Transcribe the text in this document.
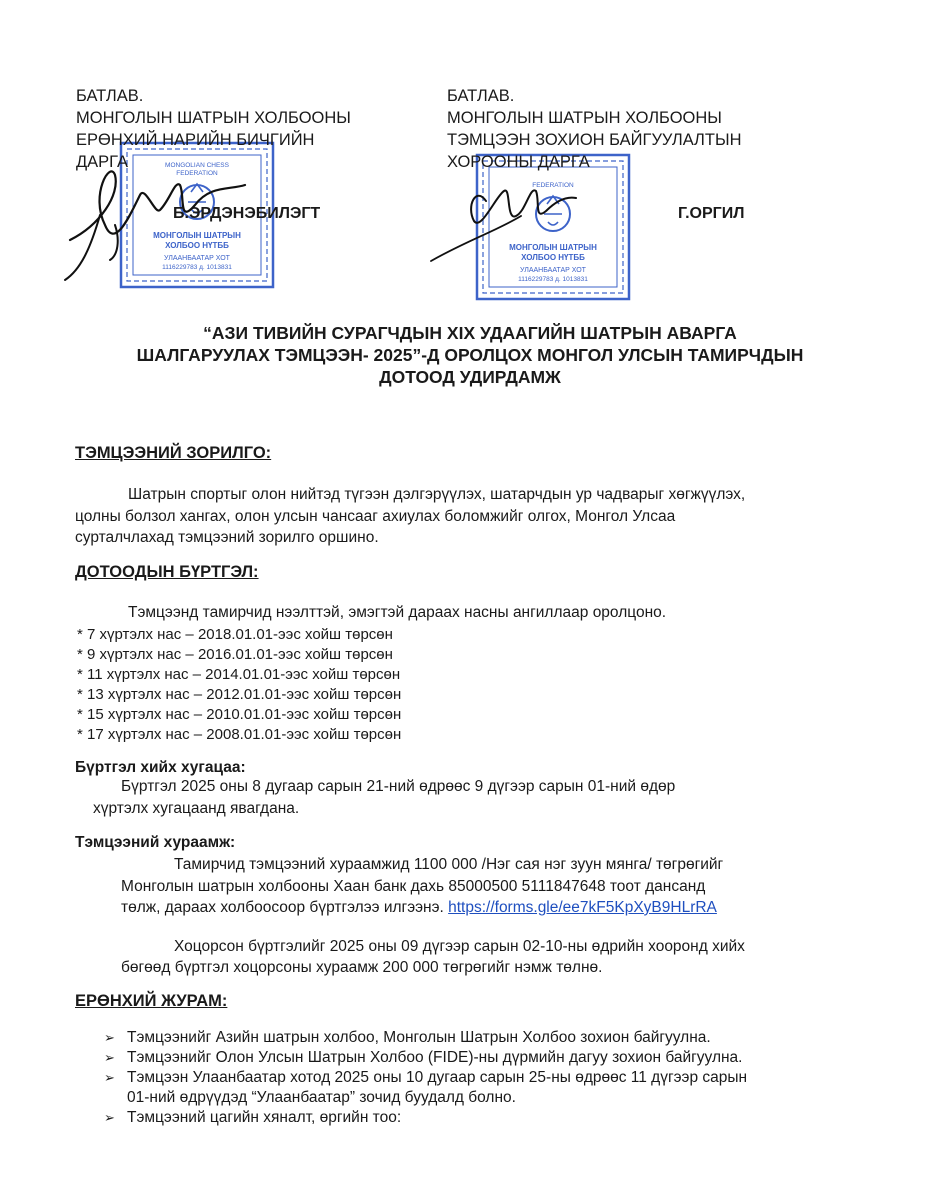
MONGOLIAN CHESS
FEDERATION
МОНГОЛЫН ШАТРЫН
ХОЛБОО НҮТББ
УЛААНБААТАР ХОТ
1116229783 д. 1013831
FEDERATION
МОНГОЛЫН ШАТРЫН
ХОЛБОО НҮТББ
УЛААНБААТАР ХОТ
1116229783 д. 1013831
БАТЛАВ.
МОНГОЛЫН ШАТРЫН ХОЛБООНЫ
ЕРӨНХИЙ НАРИЙН БИЧГИЙН
ДАРГА
Б.ЭРДЭНЭБИЛЭГТ
БАТЛАВ.
МОНГОЛЫН ШАТРЫН ХОЛБООНЫ
ТЭМЦЭЭН ЗОХИОН БАЙГУУЛАЛТЫН
ХОРООНЫ ДАРГА
Г.ОРГИЛ
“АЗИ ТИВИЙН СУРАГЧДЫН XIX УДААГИЙН ШАТРЫН АВАРГА
ШАЛГАРУУЛАХ ТЭМЦЭЭН- 2025”-Д ОРОЛЦОХ МОНГОЛ УЛСЫН ТАМИРЧДЫН
ДОТООД УДИРДАМЖ
ТЭМЦЭЭНИЙ ЗОРИЛГО:
Шатрын спортыг олон нийтэд түгээн дэлгэрүүлэх, шатарчдын ур чадварыг хөгжүүлэх,
цолны болзол хангах, олон улсын чансааг ахиулах боломжийг олгох, Монгол Улсаа
сурталчлахад тэмцээний зорилго оршино.
ДОТООДЫН БҮРТГЭЛ:
Тэмцээнд тамирчид нээлттэй, эмэгтэй дараах насны ангиллаар оролцоно.
* 7 хүртэлх нас – 2018.01.01-ээс хойш төрсөн
* 9 хүртэлх нас – 2016.01.01-ээс хойш төрсөн
* 11 хүртэлх нас – 2014.01.01-ээс хойш төрсөн
* 13 хүртэлх нас – 2012.01.01-ээс хойш төрсөн
* 15 хүртэлх нас – 2010.01.01-ээс хойш төрсөн
* 17 хүртэлх нас – 2008.01.01-ээс хойш төрсөн
Бүртгэл хийх хугацаа:
Бүртгэл 2025 оны 8 дугаар сарын 21-ний өдрөөс 9 дүгээр сарын 01-ний өдөр
хүртэлх хугацаанд явагдана.
Тэмцээний хураамж:
Тамирчид тэмцээний хураамжид 1100 000 /Нэг сая нэг зуун мянга/ төгрөгийг
Монголын шатрын холбооны Хаан банк дахь 85000500 5111847648 тоот дансанд
төлж, дараах холбоосоор бүртгэлээ илгээнэ. https://forms.gle/ee7kF5KpXyB9HLrRA
Хоцорсон бүртгэлийг 2025 оны 09 дүгээр сарын 02-10-ны өдрийн хооронд хийх
бөгөөд бүртгэл хоцорсоны хураамж 200 000 төгрөгийг нэмж төлнө.
ЕРӨНХИЙ ЖУРАМ:
➢ Тэмцээнийг Азийн шатрын холбоо, Монголын Шатрын Холбоо зохион байгуулна.
➢ Тэмцээнийг Олон Улсын Шатрын Холбоо (FIDE)-ны дүрмийн дагуу зохион байгуулна.
➢ Тэмцээн Улаанбаатар хотод 2025 оны 10 дугаар сарын 25-ны өдрөөс 11 дүгээр сарын
01-ний өдрүүдэд “Улаанбаатар” зочид буудалд болно.
➢ Тэмцээний цагийн хяналт, өргийн тоо:
